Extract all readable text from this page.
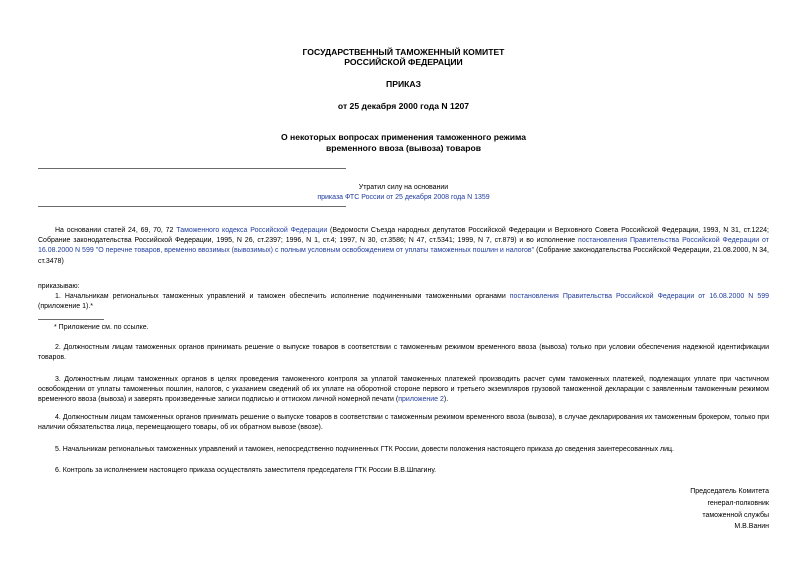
ГОСУДАРСТВЕННЫЙ ТАМОЖЕННЫЙ КОМИТЕТ
РОССИЙСКОЙ ФЕДЕРАЦИИ
ПРИКАЗ
от 25 декабря 2000 года N 1207
О некоторых вопросах применения таможенного режима
временного ввоза (вывоза) товаров
Утратил силу на основании
приказа ФТС России от 25 декабря 2008 года N 1359

На основании статей 24, 69, 70, 72 Таможенного кодекса Российской Федерации (Ведомости Съезда народных депутатов Российской Федерации и Верховного Совета Российской Федерации, 1993, N 31, ст.1224; Собрание законодательства Российской Федерации, 1995, N 26, ст.2397; 1996, N 1, ст.4; 1997, N 30, ст.3586; N 47, ст.5341; 1999, N 7, ст.879) и во исполнение постановления Правительства Российской Федерации от 16.08.2000 N 599 "О перечне товаров, временно ввозимых (вывозимых) с полным условным освобождением от уплаты таможенных пошлин и налогов" (Собрание законодательства Российской Федерации, 21.08.2000, N 34, ст.3478)

приказываю:

1. Начальникам региональных таможенных управлений и таможен обеспечить исполнение подчиненными таможенными органами постановления Правительства Российской Федерации от 16.08.2000 N 599 (приложение 1).*

* Приложение см. по ссылке.

2. Должностным лицам таможенных органов принимать решение о выпуске товаров в соответствии с таможенным режимом временного ввоза (вывоза) только при условии обеспечения надежной идентификации товаров.

3. Должностным лицам таможенных органов в целях проведения таможенного контроля за уплатой таможенных платежей производить расчет сумм таможенных платежей, подлежащих уплате при частичном освобождении от уплаты таможенных пошлин, налогов, с указанием сведений об их уплате на оборотной стороне первого и третьего экземпляров грузовой таможенной декларации с заявленным таможенным режимом временного ввоза (вывоза) и заверять произведенные записи подписью и оттиском личной номерной печати (приложение 2).

4. Должностным лицам таможенных органов принимать решение о выпуске товаров в соответствии с таможенным режимом временного ввоза (вывоза), в случае декларирования их таможенным брокером, только при наличии обязательства лица, перемещающего товары, об их обратном вывозе (ввозе).

5. Начальникам региональных таможенных управлений и таможен, непосредственно подчиненных ГТК России, довести положения настоящего приказа до сведения заинтересованных лиц.

6. Контроль за исполнением настоящего приказа осуществлять заместителя председателя ГТК России В.В.Шпагину.

Председатель Комитета
генерал-полковник
таможенной службы
М.В.Ванин
